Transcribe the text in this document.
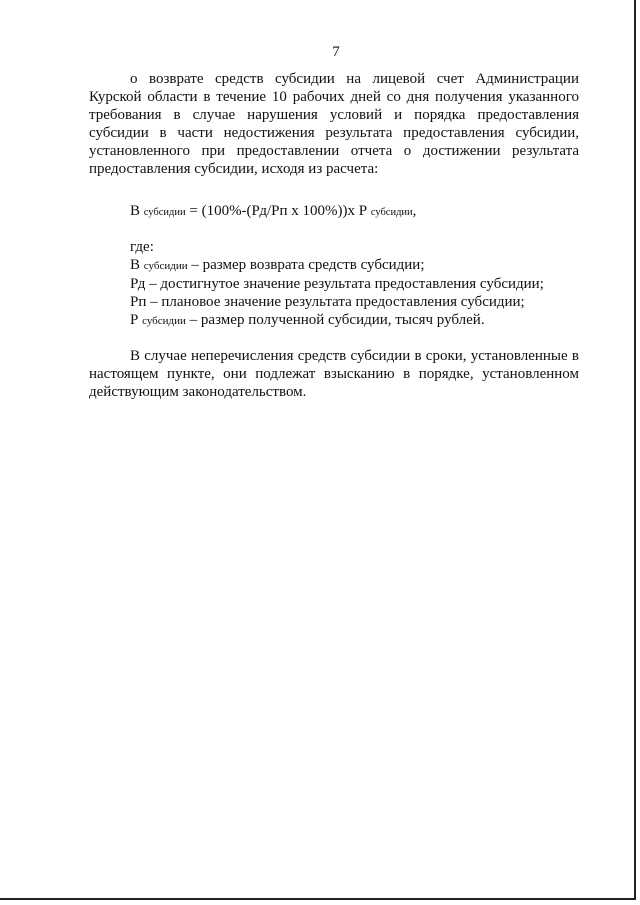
7

о возврате средств субсидии на лицевой счет Администрации Курской области в течение 10 рабочих дней со дня получения указанного требования в случае нарушения условий и порядка предоставления субсидии в части недостижения результата предоставления субсидии, установленного при предоставлении отчета о достижении результата предоставления субсидии, исходя из расчета:

В субсидии = (100%-(Рд/Рп х 100%))х Р субсидии,
где:
В субсидии – размер возврата средств субсидии;
Рд – достигнутое значение результата предоставления субсидии;
Рп – плановое значение результата предоставления субсидии;
Р субсидии – размер полученной субсидии, тысяч рублей.

В случае неперечисления средств субсидии в сроки, установленные в настоящем пункте, они подлежат взысканию в порядке, установленном действующим законодательством.
